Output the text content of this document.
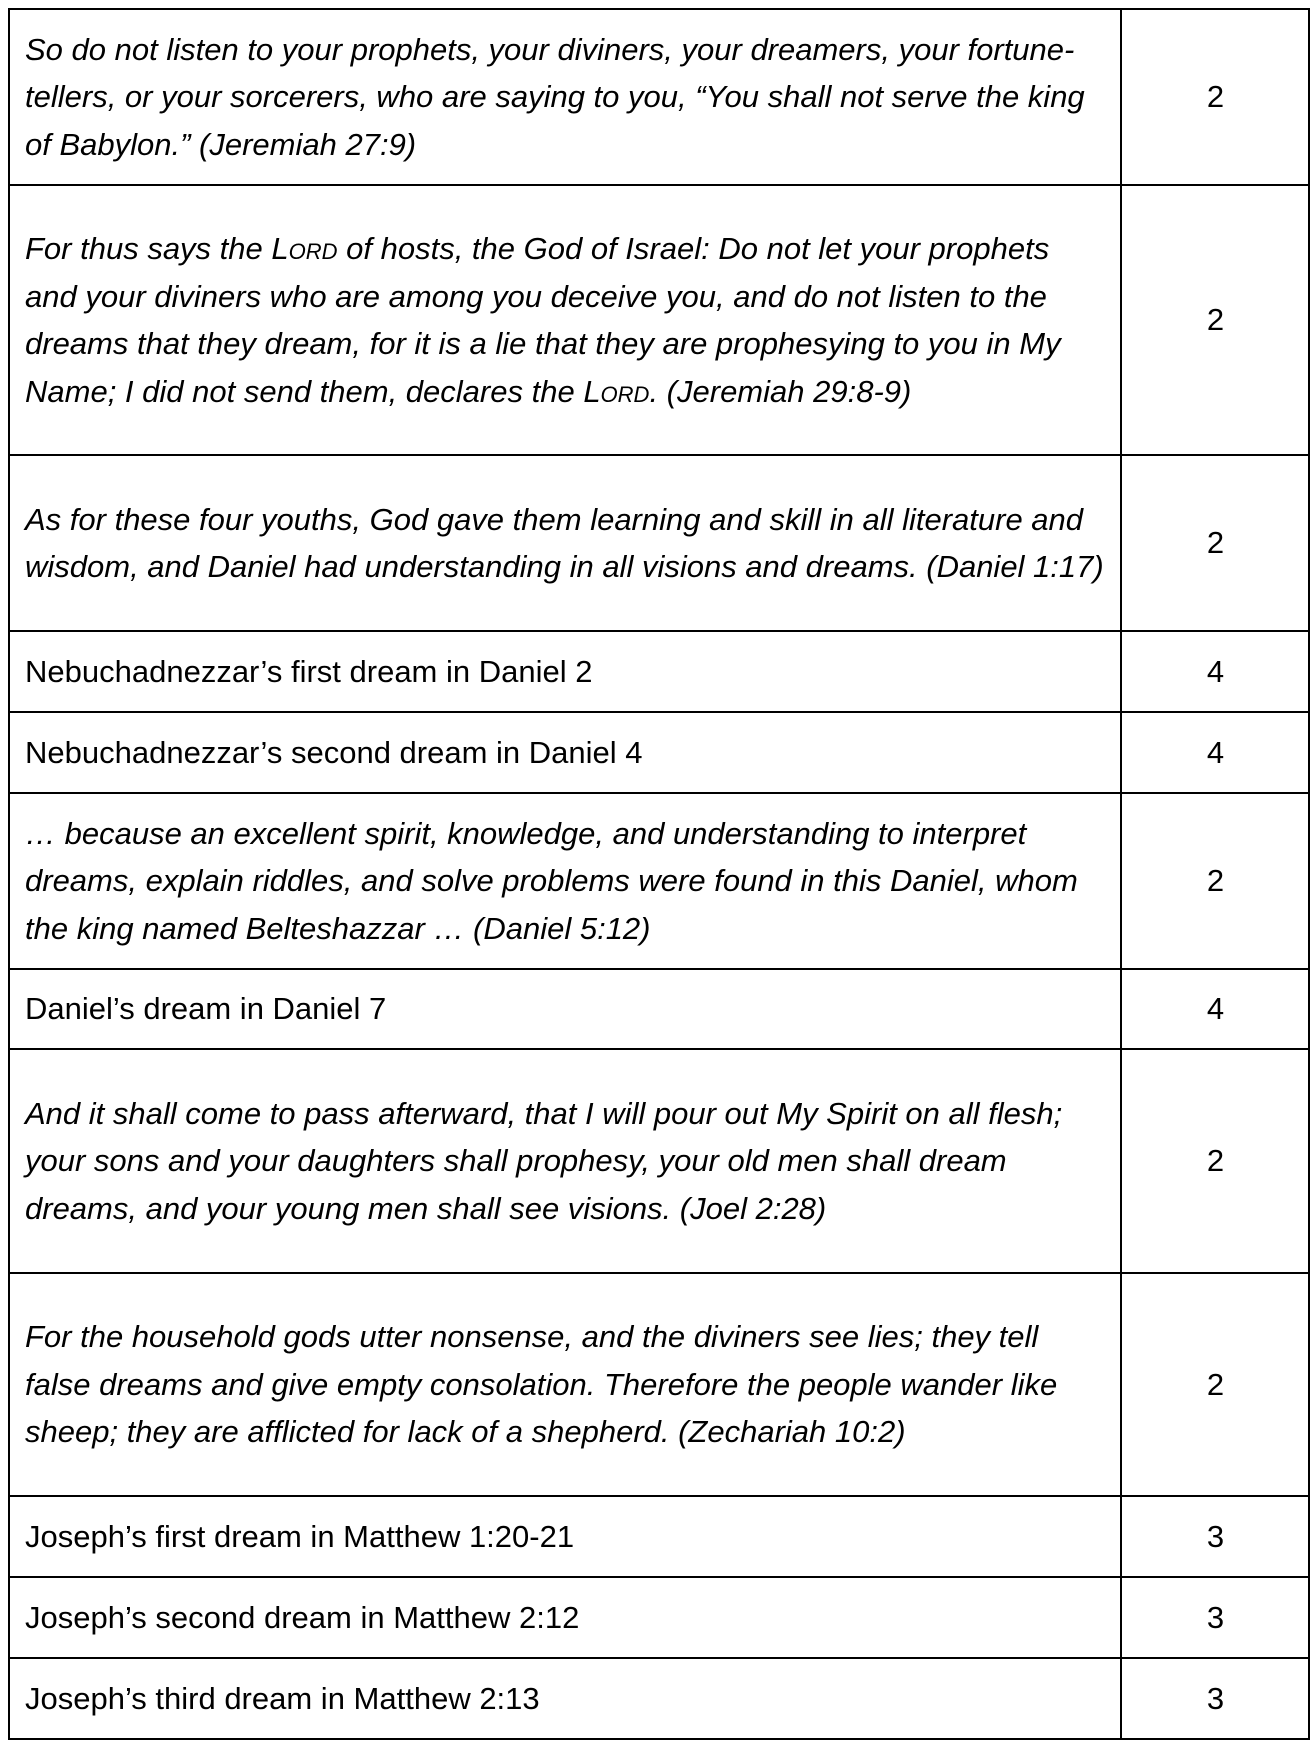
So do not listen to your prophets, your diviners, your dreamers, your fortune-tellers, or your sorcerers, who are saying to you, “You shall not serve the king of Babylon.” (Jeremiah 27:9)	2
For thus says the Lord of hosts, the God of Israel: Do not let your prophets and your diviners who are among you deceive you, and do not listen to the dreams that they dream, for it is a lie that they are prophesying to you in My Name; I did not send them, declares the Lord. (Jeremiah 29:8-9)	2
As for these four youths, God gave them learning and skill in all literature and wisdom, and Daniel had understanding in all visions and dreams. (Daniel 1:17)	2
Nebuchadnezzar’s first dream in Daniel 2	4
Nebuchadnezzar’s second dream in Daniel 4	4
… because an excellent spirit, knowledge, and understanding to interpret dreams, explain riddles, and solve problems were found in this Daniel, whom the king named Belteshazzar … (Daniel 5:12)	2
Daniel’s dream in Daniel 7	4
And it shall come to pass afterward, that I will pour out My Spirit on all flesh; your sons and your daughters shall prophesy, your old men shall dream dreams, and your young men shall see visions. (Joel 2:28)	2
For the household gods utter nonsense, and the diviners see lies; they tell false dreams and give empty consolation. Therefore the people wander like sheep; they are afflicted for lack of a shepherd. (Zechariah 10:2)	2
Joseph’s first dream in Matthew 1:20-21	3
Joseph’s second dream in Matthew 2:12	3
Joseph’s third dream in Matthew 2:13	3
